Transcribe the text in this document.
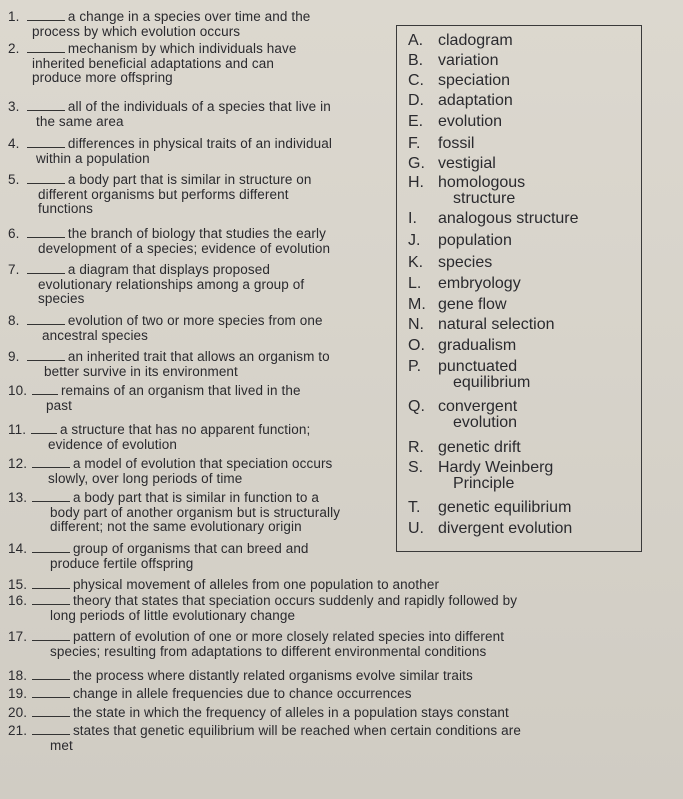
1.	a change in a species over time and the
process by which evolution occurs
2.	mechanism by which individuals have
inherited beneficial adaptations and can
produce more offspring
3.	all of the individuals of a species that live in
the same area
4.	differences in physical traits of an individual
within a population
5.	a body part that is similar in structure on
different organisms but performs different
functions
6.	the branch of biology that studies the early
development of a species; evidence of evolution
7.	a diagram that displays proposed
evolutionary relationships among a group of
species
8.	evolution of two or more species from one
ancestral species
9.	an inherited trait that allows an organism to
better survive in its environment
10.	remains of an organism that lived in the
past
11.	a structure that has no apparent function;
evidence of evolution
12.	a model of evolution that speciation occurs
slowly, over long periods of time
13.	a body part that is similar in function to a
body part of another organism but is structurally
different; not the same evolutionary origin
14.	group of organisms that can breed and
produce fertile offspring
15.	physical movement of alleles from one population to another
16.	theory that states that speciation occurs suddenly and rapidly followed by
long periods of little evolutionary change
17.	pattern of evolution of one or more closely related species into different
species; resulting from adaptations to different environmental conditions
18.	the process where distantly related organisms evolve similar traits
19.	change in allele frequencies due to chance occurrences
20.	the state in which the frequency of alleles in a population stays constant
21.	states that genetic equilibrium will be reached when certain conditions are
met
A. cladogram
B. variation
C. speciation
D. adaptation
E. evolution
F. fossil
G. vestigial
H. homologous
structure
I. analogous structure
J. population
K. species
L. embryology
M. gene flow
N. natural selection
O. gradualism
P. punctuated
equilibrium
Q. convergent
evolution
R. genetic drift
S. Hardy Weinberg
Principle
T. genetic equilibrium
U. divergent evolution
